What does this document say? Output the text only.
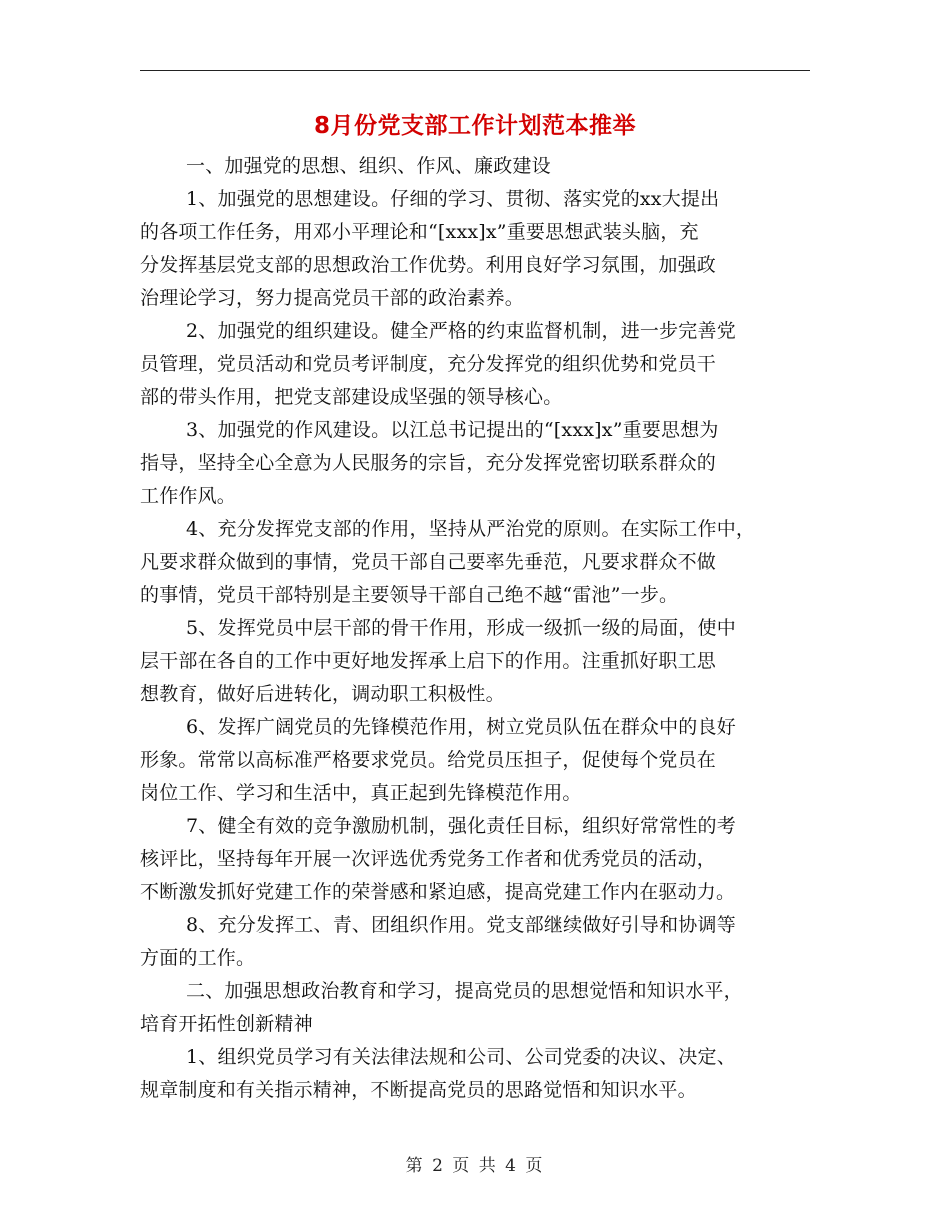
8月份党支部工作计划范本推举

一、加强党的思想、组织、作风、廉政建设

1、加强党的思想建设。仔细的学习、贯彻、落实党的xx大提出
的各项工作任务，用邓小平理论和“[xxx]x”重要思想武装头脑，充
分发挥基层党支部的思想政治工作优势。利用良好学习氛围，加强政
治理论学习，努力提高党员干部的政治素养。

2、加强党的组织建设。健全严格的约束监督机制，进一步完善党
员管理，党员活动和党员考评制度，充分发挥党的组织优势和党员干
部的带头作用，把党支部建设成坚强的领导核心。

3、加强党的作风建设。以江总书记提出的“[xxx]x”重要思想为
指导，坚持全心全意为人民服务的宗旨，充分发挥党密切联系群众的
工作作风。

4、充分发挥党支部的作用，坚持从严治党的原则。在实际工作中，
凡要求群众做到的事情，党员干部自己要率先垂范，凡要求群众不做
的事情，党员干部特别是主要领导干部自己绝不越“雷池”一步。

5、发挥党员中层干部的骨干作用，形成一级抓一级的局面，使中
层干部在各自的工作中更好地发挥承上启下的作用。注重抓好职工思
想教育，做好后进转化，调动职工积极性。

6、发挥广阔党员的先锋模范作用，树立党员队伍在群众中的良好
形象。常常以高标准严格要求党员。给党员压担子，促使每个党员在
岗位工作、学习和生活中，真正起到先锋模范作用。

7、健全有效的竞争激励机制，强化责任目标，组织好常常性的考
核评比，坚持每年开展一次评选优秀党务工作者和优秀党员的活动，
不断激发抓好党建工作的荣誉感和紧迫感，提高党建工作内在驱动力。

8、充分发挥工、青、团组织作用。党支部继续做好引导和协调等
方面的工作。

二、加强思想政治教育和学习，提高党员的思想觉悟和知识水平，
培育开拓性创新精神

1、组织党员学习有关法律法规和公司、公司党委的决议、决定、
规章制度和有关指示精神，不断提高党员的思路觉悟和知识水平。

第 2 页 共 4 页
